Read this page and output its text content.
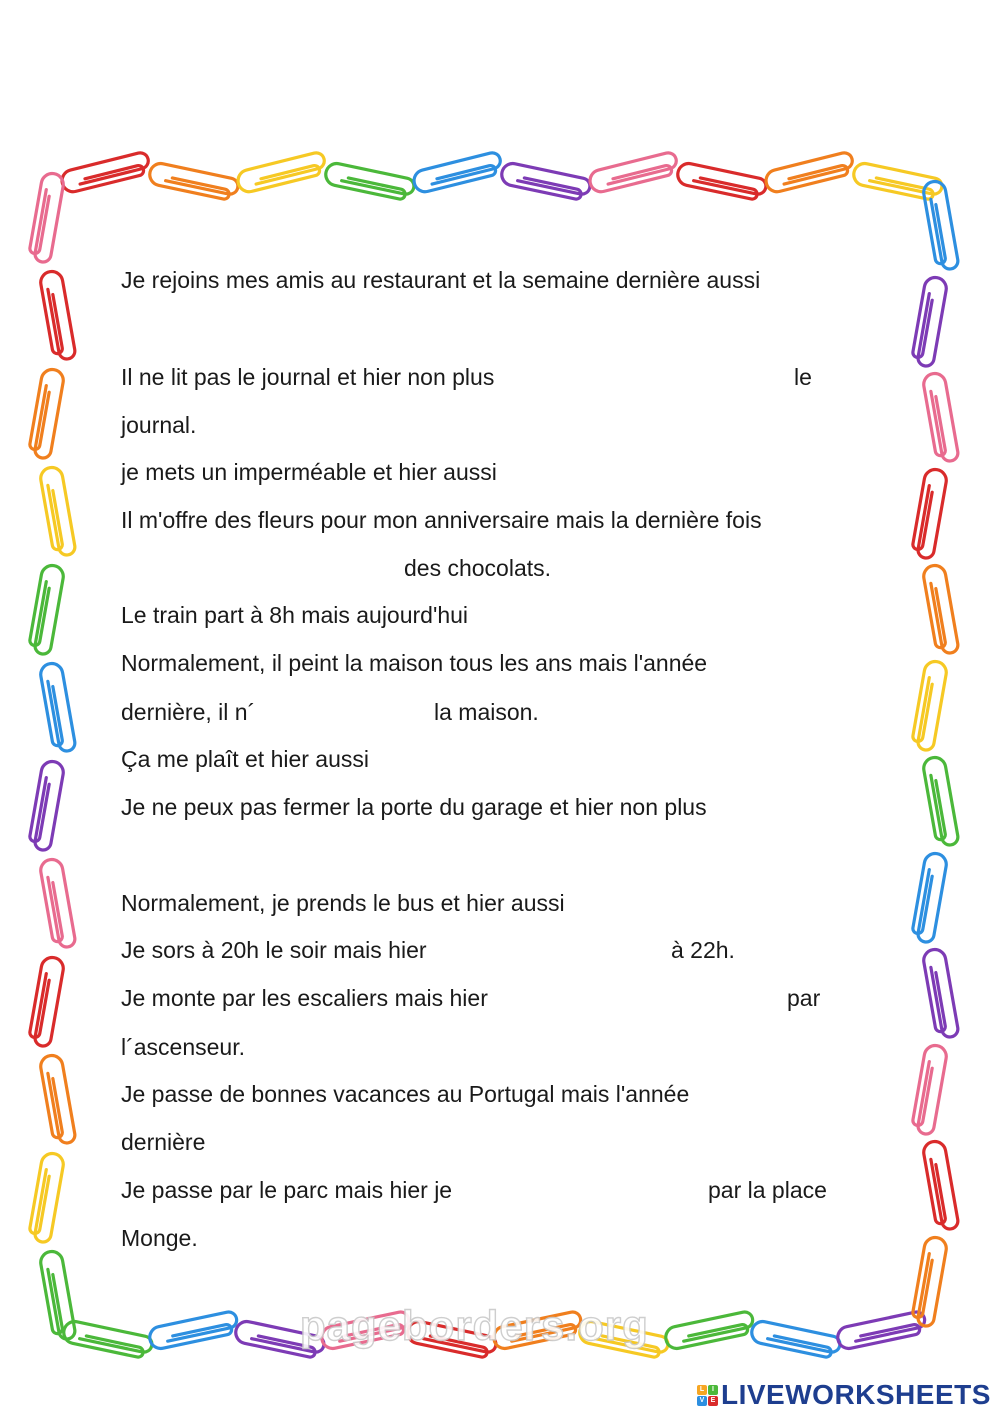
Je rejoins mes amis au restaurant et la semaine dernière aussi
Il ne lit pas le journal et hier non plus	le
journal.
je mets un imperméable et hier aussi
Il m'offre des fleurs pour mon anniversaire mais la dernière fois
des chocolats.
Le train part à 8h mais aujourd'hui
Normalement, il peint la maison tous les ans mais l'année
dernière, il n´	la maison.
Ça me plaît et hier aussi
Je ne peux pas fermer la porte du garage et hier non plus
Normalement, je prends le bus et hier aussi
Je sors à 20h le soir mais hier	à 22h.
Je monte par les escaliers mais hier	par
l´ascenseur.
Je passe de bonnes vacances au Portugal mais l'année
dernière
Je passe par le parc mais hier je	par la place
Monge.
pageborders.org
L	I
V E LIVEWORKSHEETS
